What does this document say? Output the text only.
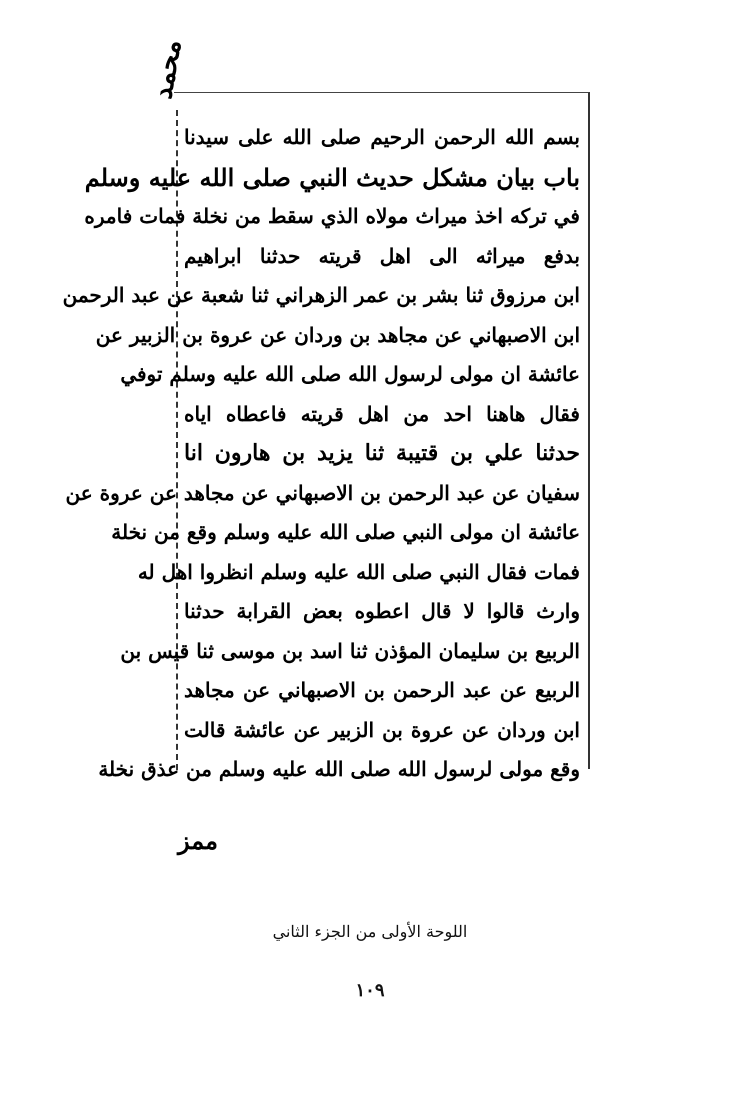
محمد
بسم الله الرحمن الرحيم صلى الله على سيدنا
باب بيان مشكل حديث النبي صلى الله عليه وسلم
في تركه اخذ ميراث مولاه الذي سقط من نخلة فمات فامره
بدفع ميراثه الى اهل قريته حدثنا ابراهيم
ابن مرزوق ثنا بشر بن عمر الزهراني ثنا شعبة عن عبد الرحمن
ابن الاصبهاني عن مجاهد بن وردان عن عروة بن الزبير عن
عائشة ان مولى لرسول الله صلى الله عليه وسلم توفي
فقال هاهنا احد من اهل قريته فاعطاه اياه
حدثنا علي بن قتيبة ثنا يزيد بن هارون انا
سفيان عن عبد الرحمن بن الاصبهاني عن مجاهد عن عروة عن
عائشة ان مولى النبي صلى الله عليه وسلم وقع من نخلة
فمات فقال النبي صلى الله عليه وسلم انظروا اهل له
وارث قالوا لا قال اعطوه بعض القرابة حدثنا
الربيع بن سليمان المؤذن ثنا اسد بن موسى ثنا قيس بن
الربيع عن عبد الرحمن بن الاصبهاني عن مجاهد
ابن وردان عن عروة بن الزبير عن عائشة قالت
وقع مولى لرسول الله صلى الله عليه وسلم من عذق نخلة
ممز
اللوحة الأولى من الجزء الثاني
١٠٩
